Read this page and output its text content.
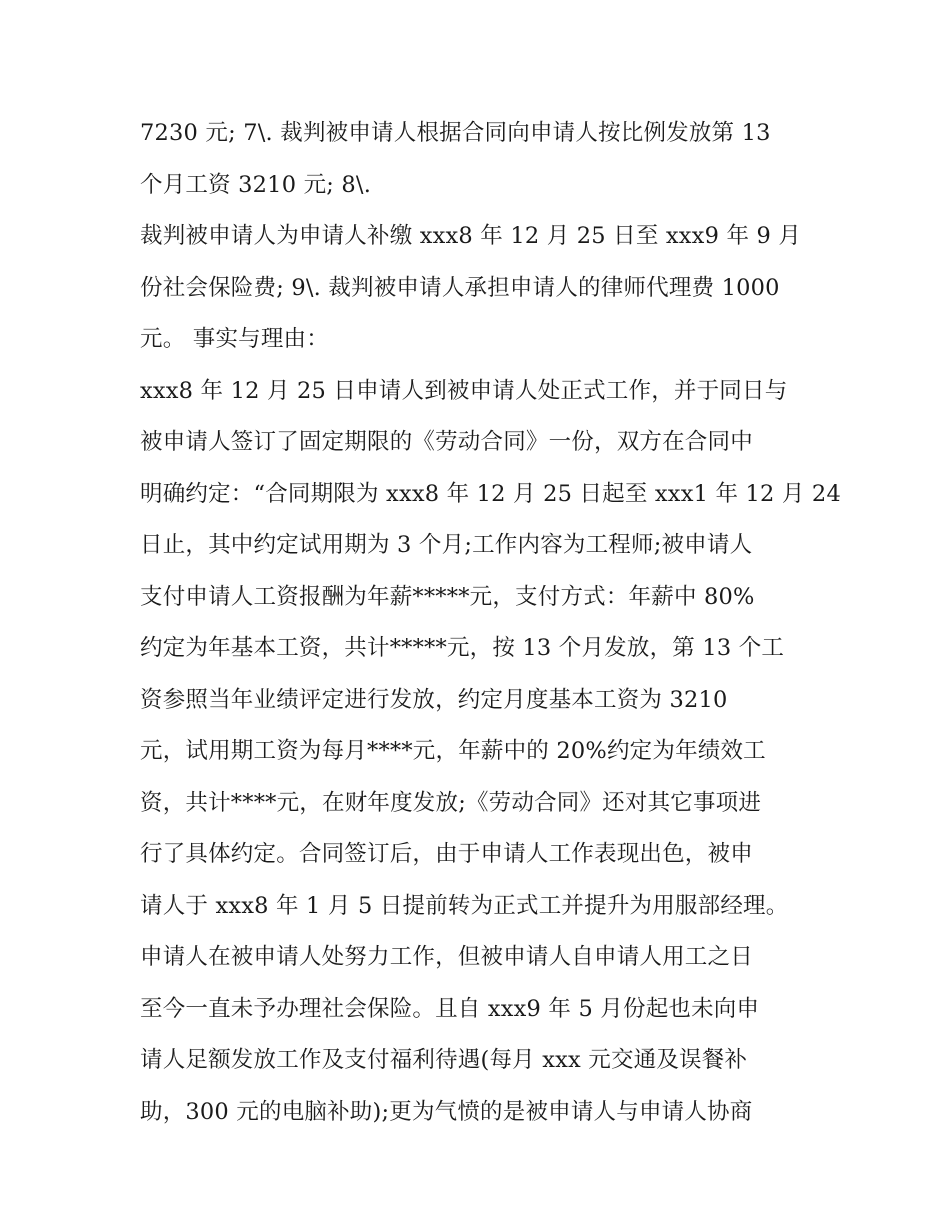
7230 元; 7\. 裁判被申请人根据合同向申请人按比例发放第 13
个月工资 3210 元; 8\.
裁判被申请人为申请人补缴 xxx8 年 12 月 25 日至 xxx9 年 9 月
份社会保险费; 9\. 裁判被申请人承担申请人的律师代理费 1000
元。 事实与理由：
xxx8 年 12 月 25 日申请人到被申请人处正式工作，并于同日与
被申请人签订了固定期限的《劳动合同》一份，双方在合同中
明确约定：“合同期限为 xxx8 年 12 月 25 日起至 xxx1 年 12 月 24
日止，其中约定试用期为 3 个月;工作内容为工程师;被申请人
支付申请人工资报酬为年薪*****元，支付方式：年薪中 80%
约定为年基本工资，共计*****元，按 13 个月发放，第 13 个工
资参照当年业绩评定进行发放，约定月度基本工资为 3210
元，试用期工资为每月****元，年薪中的 20%约定为年绩效工
资，共计****元，在财年度发放;《劳动合同》还对其它事项进
行了具体约定。合同签订后，由于申请人工作表现出色，被申
请人于 xxx8 年 1 月 5 日提前转为正式工并提升为用服部经理。
申请人在被申请人处努力工作，但被申请人自申请人用工之日
至今一直未予办理社会保险。且自 xxx9 年 5 月份起也未向申
请人足额发放工作及支付福利待遇(每月 xxx 元交通及误餐补
助，300 元的电脑补助);更为气愤的是被申请人与申请人协商
